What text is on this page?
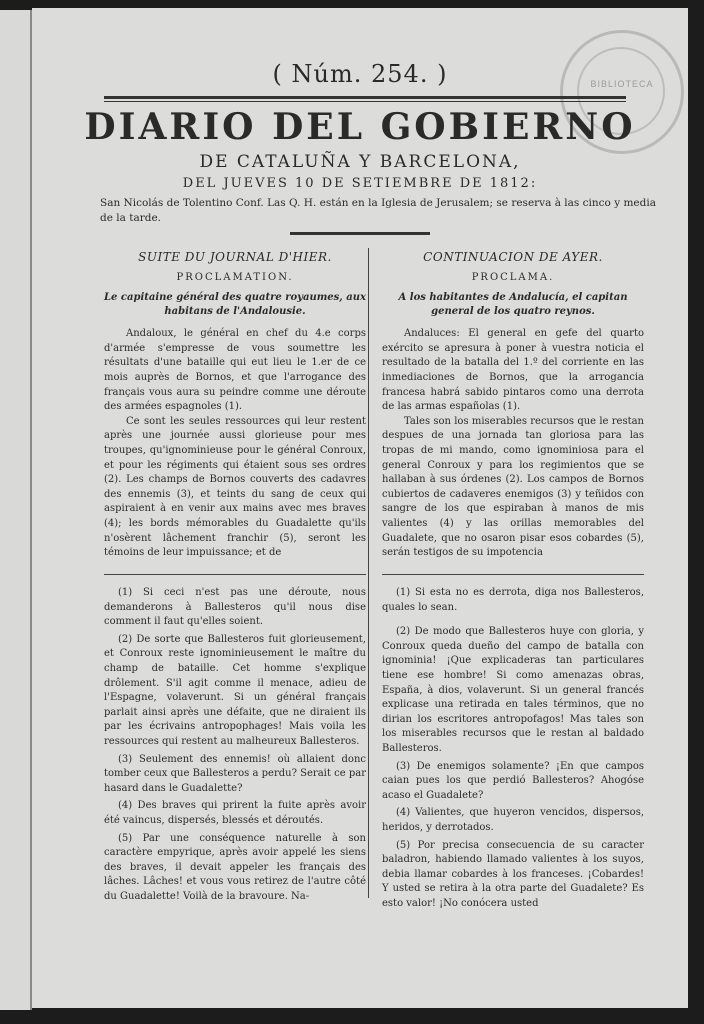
BIBLIOTECA
( Núm. 254. )
DIARIO DEL GOBIERNO
DE CATALUÑA Y BARCELONA,
DEL JUEVES 10 DE SETIEMBRE DE 1812:
San Nicolás de Tolentino Conf. Las Q. H. están en la Iglesia de Jerusalem; se reserva à las cinco y media de la tarde.
SUITE DU JOURNAL D'HIER.
PROCLAMATION.
Le capitaine général des quatre royaumes, aux habitans de l'Andalousie.

Andaloux, le général en chef du 4.e corps d'armée s'empresse de vous soumettre les résultats d'une bataille qui eut lieu le 1.er de ce mois auprès de Bornos, et que l'arrogance des français vous aura su peindre comme une déroute des armées espagnoles (1).

Ce sont les seules ressources qui leur restent après une journée aussi glorieuse pour mes troupes, qu'ignominieuse pour le général Conroux, et pour les régiments qui étaient sous ses ordres (2). Les champs de Bornos couverts des cadavres des ennemis (3), et teints du sang de ceux qui aspiraient à en venir aux mains avec mes braves (4); les bords mémorables du Guadalette qu'ils n'osèrent lâchement franchir (5), seront les témoins de leur impuissance; et de

CONTINUACION DE AYER.
PROCLAMA.
A los habitantes de Andalucía, el capitan general de los quatro reynos.

Andaluces: El general en gefe del quarto exército se apresura à poner à vuestra noticia el resultado de la batalla del 1.º del corriente en las inmediaciones de Bornos, que la arrogancia francesa habrá sabido pintaros como una derrota de las armas españolas (1).

Tales son los miserables recursos que le restan despues de una jornada tan gloriosa para las tropas de mi mando, como ignominiosa para el general Conroux y para los regimientos que se hallaban à sus órdenes (2). Los campos de Bornos cubiertos de cadaveres enemigos (3) y teñidos con sangre de los que espiraban à manos de mis valientes (4) y las orillas memorables del Guadalete, que no osaron pisar esos cobardes (5), serán testigos de su impotencia

(1) Si ceci n'est pas une déroute, nous demanderons à Ballesteros qu'il nous dise comment il faut qu'elles soient.

(2) De sorte que Ballesteros fuit glorieusement, et Conroux reste ignominieusement le maître du champ de bataille. Cet homme s'explique drôlement. S'il agit comme il menace, adieu de l'Espagne, volaverunt. Si un général français parlait ainsi après une défaite, que ne diraient ils par les écrivains antropophages! Mais voila les ressources qui restent au malheureux Ballesteros.

(3) Seulement des ennemis! où allaient donc tomber ceux que Ballesteros a perdu? Serait ce par hasard dans le Guadalette?

(4) Des braves qui prirent la fuite après avoir été vaincus, dispersés, blessés et déroutés.

(5) Par une conséquence naturelle à son caractère empyrique, après avoir appelé les siens des braves, il devait appeler les français des lâches. Lâches! et vous vous retirez de l'autre côté du Guadalette! Voilà de la bravoure. Na-

(1) Si esta no es derrota, diga nos Ballesteros, quales lo sean.

(2) De modo que Ballesteros huye con gloria, y Conroux queda dueño del campo de batalla con ignominia! ¡Que explicaderas tan particulares tiene ese hombre! Si como amenazas obras, España, à dios, volaverunt. Si un general francés explicase una retirada en tales términos, que no dirian los escritores antropofagos! Mas tales son los miserables recursos que le restan al baldado Ballesteros.

(3) De enemigos solamente? ¡En que campos caian pues los que perdió Ballesteros? Ahogóse acaso el Guadalete?

(4) Valientes, que huyeron vencidos, dispersos, heridos, y derrotados.

(5) Por precisa consecuencia de su caracter baladron, habiendo llamado valientes à los suyos, debia llamar cobardes à los franceses. ¡Cobardes! Y usted se retira à la otra parte del Guadalete? Es esto valor! ¡No conócera usted
